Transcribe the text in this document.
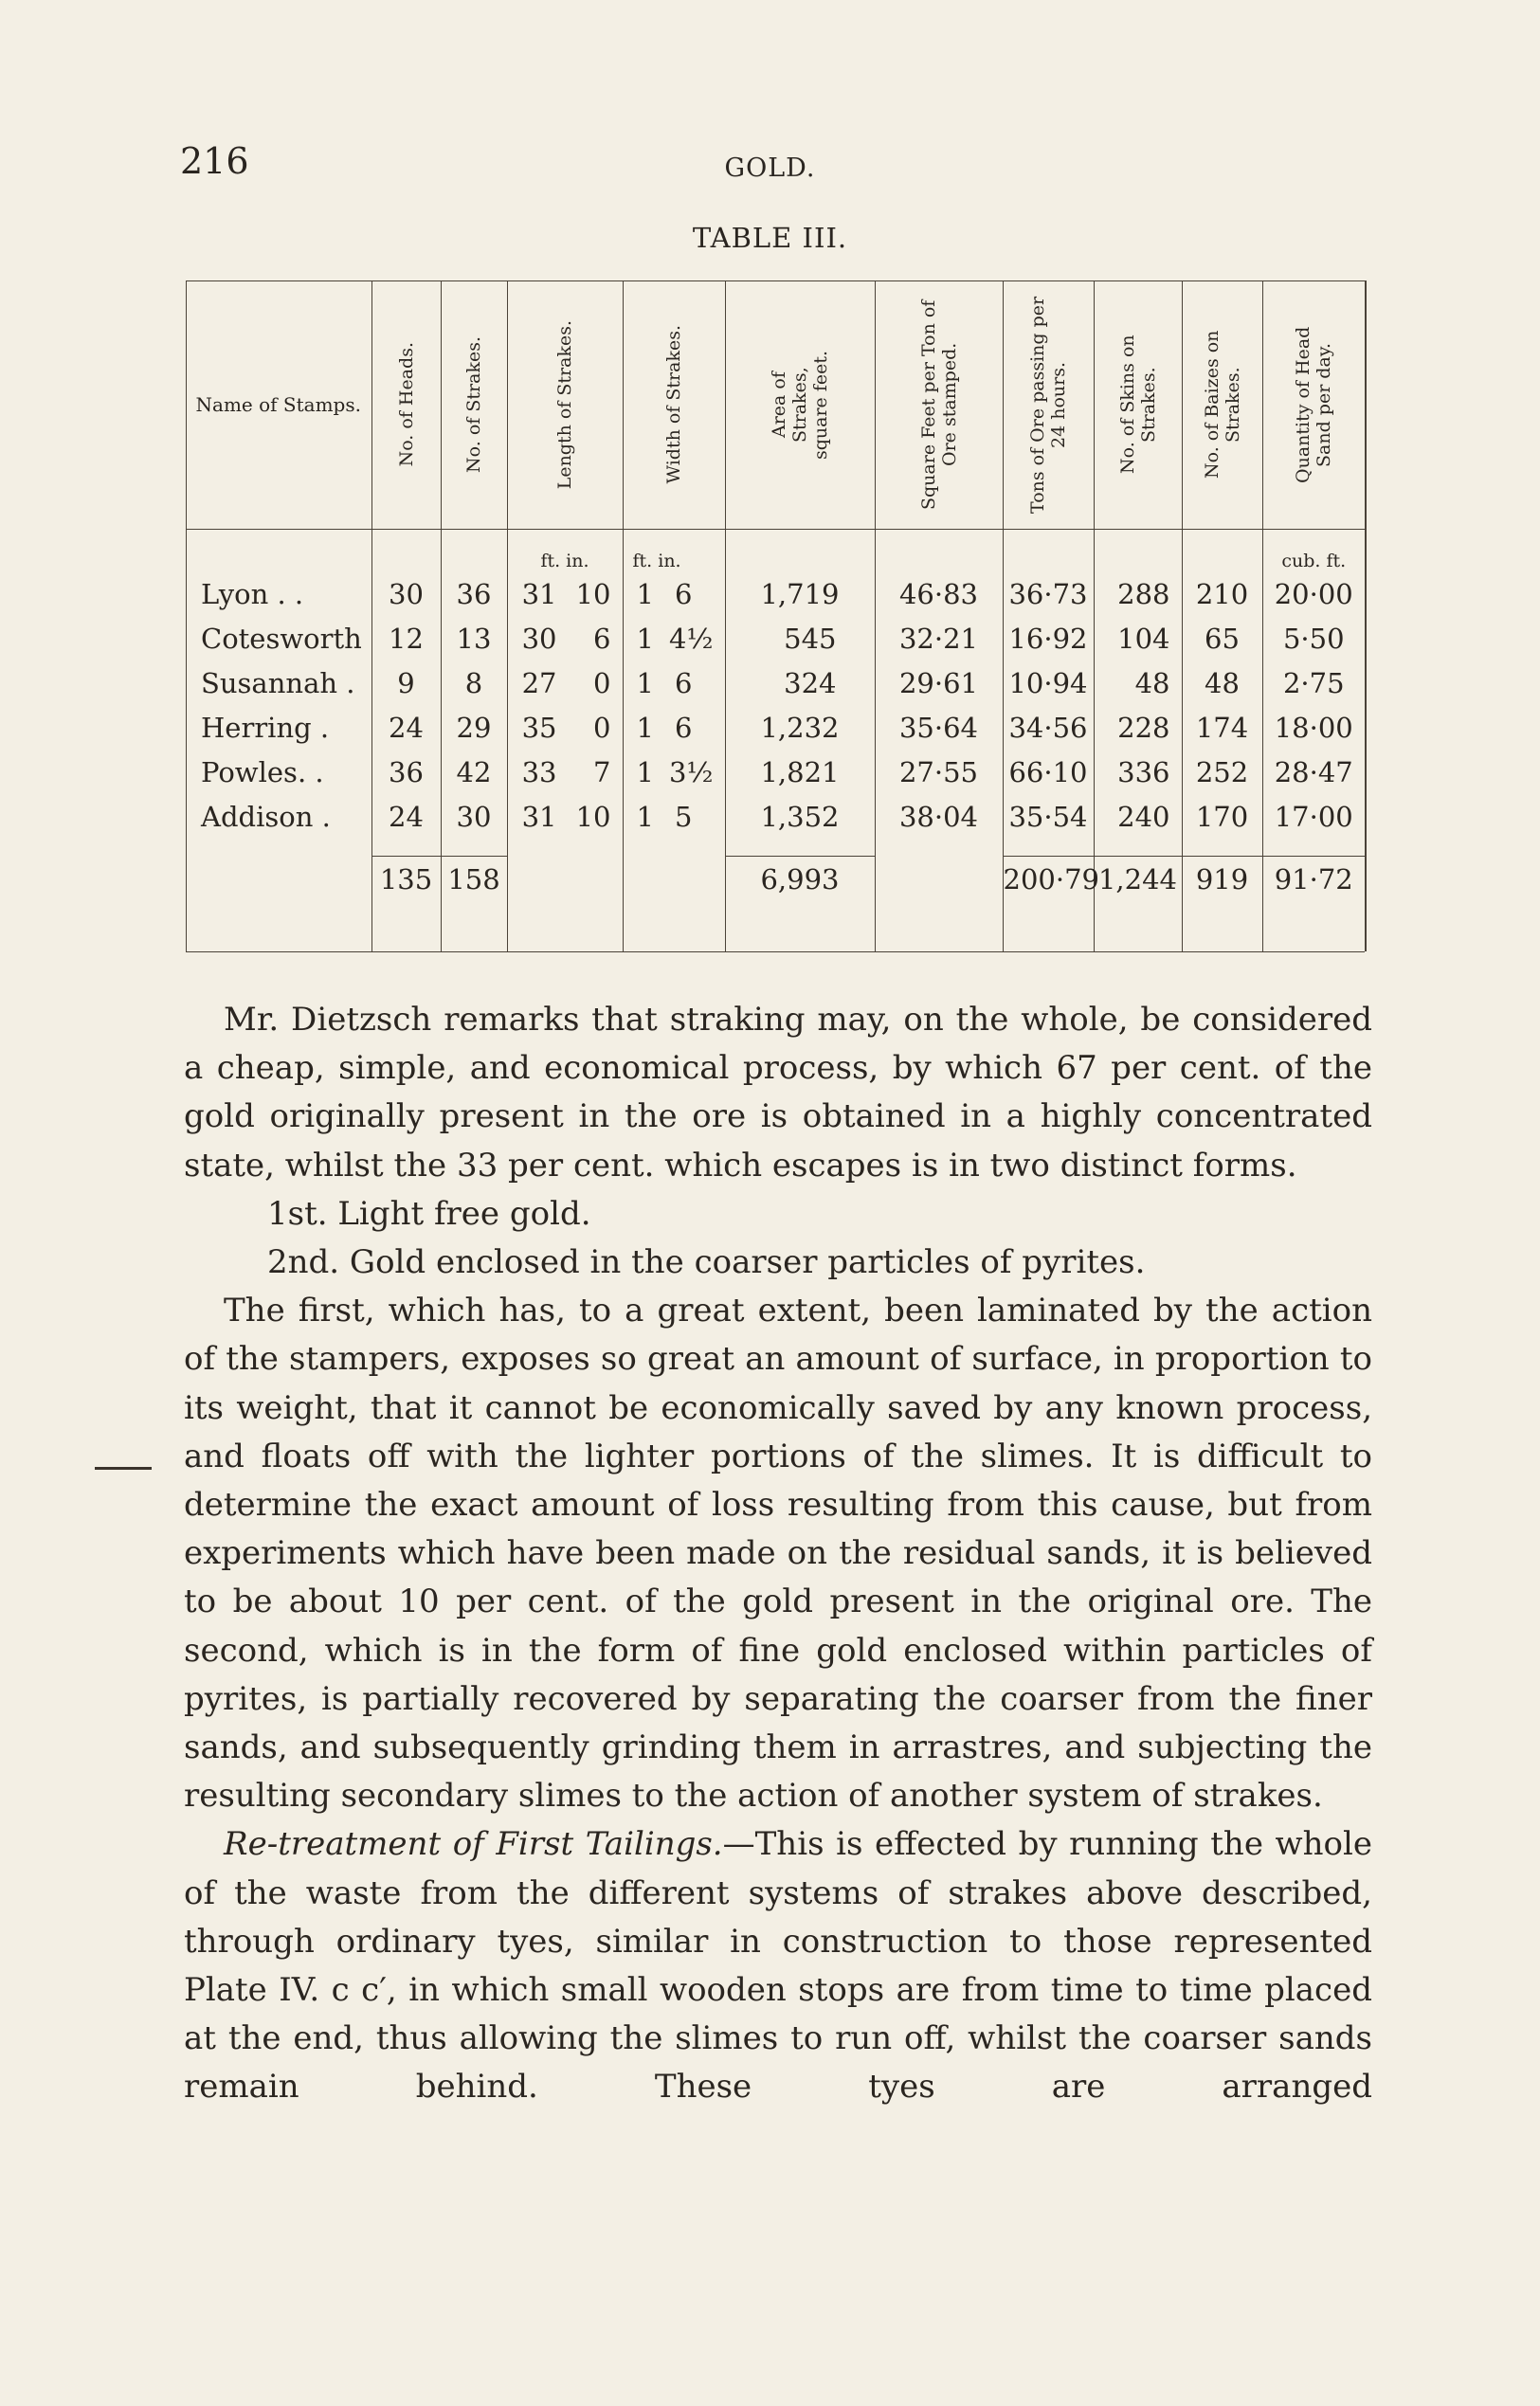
216	GOLD.
TABLE III.
Name of Stamps.	No. of Heads.	No. of Strakes.	Length of Strakes.	Width of Strakes.	Area of Strakes, square feet.	Square Feet per Ton of Ore stamped.	Tons of Ore passing per 24 hours.	No. of Skins on Strakes.	No. of Baizes on Strakes.	Quantity of Head Sand per day.

			ft. in.	ft. in.						cub. ft.
Lyon . .	30	36	31 10	1 6	1,719	46·83	36·73	288	210	20·00
Cotesworth	12	13	30 6	1 4½	545	32·21	16·92	104	65	5·50
Susannah .	9	8	27 0	1 6	324	29·61	10·94	48	48	2·75
Herring .	24	29	35 0	1 6	1,232	35·64	34·56	228	174	18·00
Powles. .	36	42	33 7	1 3½	1,821	27·55	66·10	336	252	28·47
Addison .	24	30	31 10	1 5	1,352	38·04	35·54	240	170	17·00

	135	158			6,993		200·79	1,244	919	91·72

Mr. Dietzsch remarks that straking may, on the whole, be considered a cheap, simple, and economical process, by which 67 per cent. of the gold originally present in the ore is obtained in a highly concentrated state, whilst the 33 per cent. which escapes is in two distinct forms.

1st. Light free gold.

2nd. Gold enclosed in the coarser particles of pyrites.

The first, which has, to a great extent, been laminated by the action of the stampers, exposes so great an amount of surface, in proportion to its weight, that it cannot be economically saved by any known process, and floats off with the lighter portions of the slimes. It is difficult to determine the exact amount of loss resulting from this cause, but from experiments which have been made on the residual sands, it is believed to be about 10 per cent. of the gold present in the original ore. The second, which is in the form of fine gold enclosed within particles of pyrites, is partially recovered by separating the coarser from the finer sands, and subsequently grinding them in arrastres, and subjecting the resulting secondary slimes to the action of another system of strakes.

Re-treatment of First Tailings.—This is effected by running the whole of the waste from the different systems of strakes above described, through ordinary tyes, similar in construction to those represented Plate IV. c c′, in which small wooden stops are from time to time placed at the end, thus allowing the slimes to run off, whilst the coarser sands remain behind. These tyes are arranged
